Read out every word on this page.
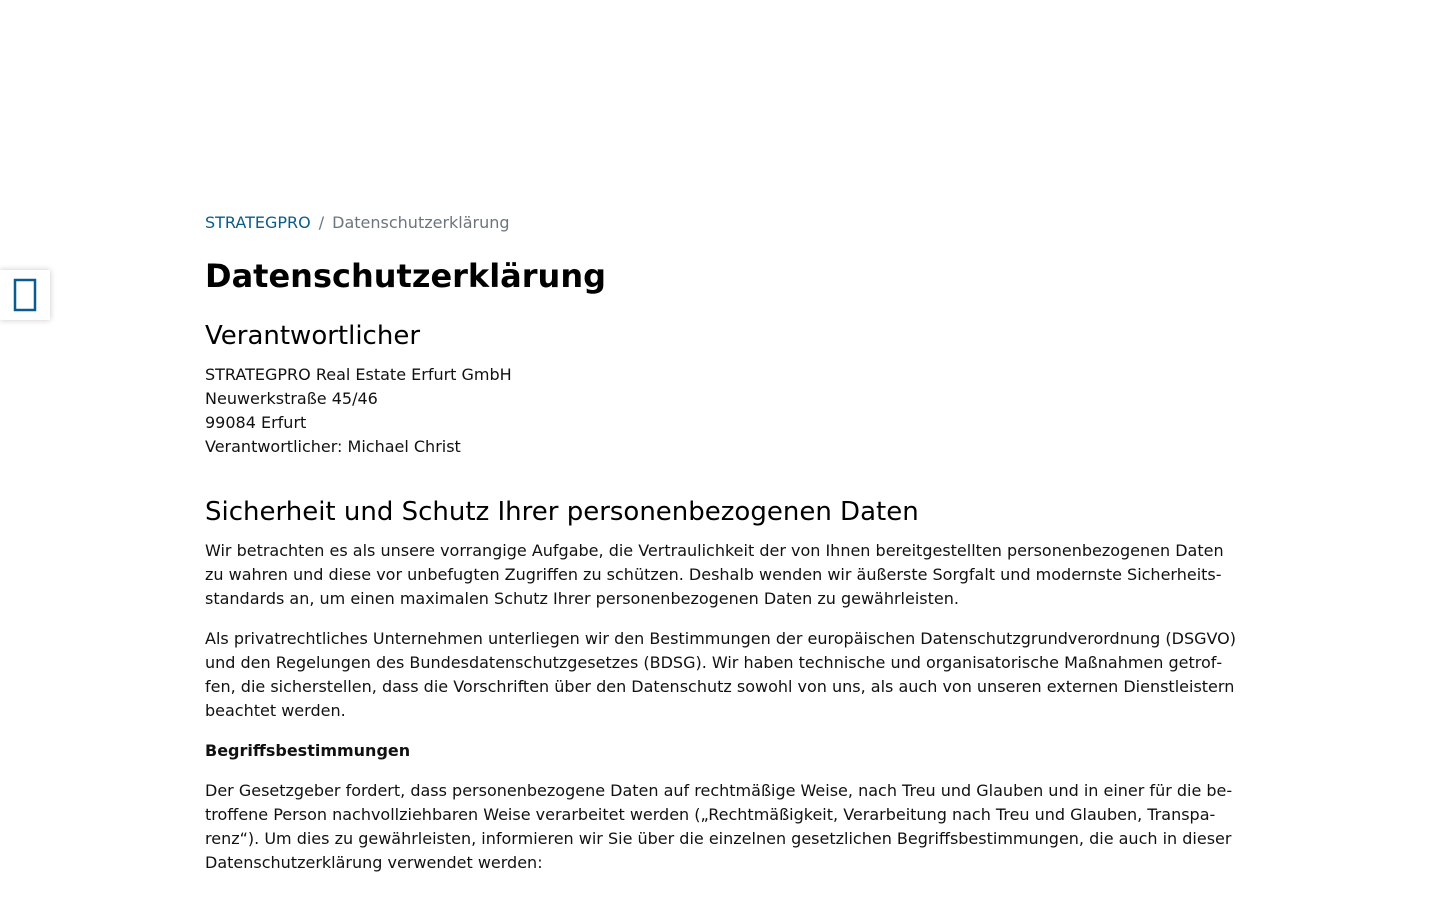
STRATEGPRO / Datenschutzerklärung
Datenschutzerklärung
Verantwortlicher
STRATEGPRO Real Estate Erfurt GmbH
Neuwerkstraße 45/46
99084 Erfurt
Verantwortlicher: Michael Christ
Sicherheit und Schutz Ihrer personenbezogenen Daten

Wir betrachten es als unsere vorrangige Aufgabe, die Vertraulichkeit der von Ihnen bereitgestellten personenbezogenen Daten zu wahren und diese vor unbefugten Zugriffen zu schützen. Deshalb wenden wir äußerste Sorgfalt und modernste Sicherheitsstandards an, um einen maximalen Schutz Ihrer personenbezogenen Daten zu gewährleisten.

Als privatrechtliches Unternehmen unterliegen wir den Bestimmungen der europäischen Datenschutzgrundverordnung (DSGVO) und den Regelungen des Bundesdatenschutzgesetzes (BDSG). Wir haben technische und organisatorische Maßnahmen getroffen, die sicherstellen, dass die Vorschriften über den Datenschutz sowohl von uns, als auch von unseren externen Dienstleistern beachtet werden.

Begriffsbestimmungen

Der Gesetzgeber fordert, dass personenbezogene Daten auf rechtmäßige Weise, nach Treu und Glauben und in einer für die betroffene Person nachvollziehbaren Weise verarbeitet werden („Rechtmäßigkeit, Verarbeitung nach Treu und Glauben, Transparenz“). Um dies zu gewährleisten, informieren wir Sie über die einzelnen gesetzlichen Begriffsbestimmungen, die auch in dieser Datenschutzerklärung verwendet werden:
